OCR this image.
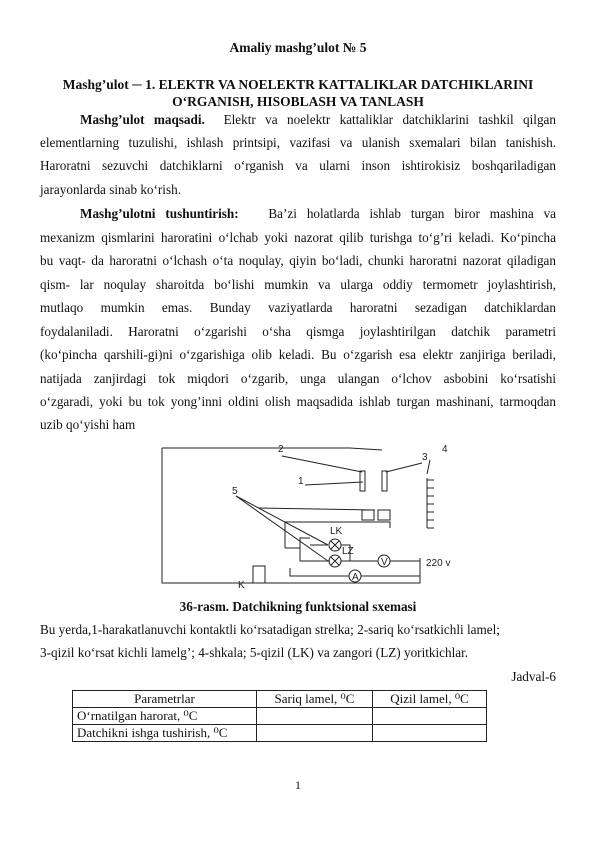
Amaliy mashg’ulot № 5
Mashg’ulot ─ 1. ELEKTR VA NOELEKTR KATTALIKLAR DATCHIKLARINI
O‘RGANISH, HISOBLASH VA TANLASH
Mashg’ulot maqsadi. Elektr va noelektr kattaliklar datchiklarini tashkil qilgan
elementlarning tuzulishi, ishlash printsipi, vazifasi va ulanish sxemalari bilan tanishish.
Haroratni sezuvchi datchiklarni o‘rganish va ularni inson ishtirokisiz boshqariladigan
jarayonlarda sinab ko‘rish.
Mashg’ulotni tushuntirish: Ba’zi holatlarda ishlab turgan biror mashina va
mexanizm qismlarini haroratini o‘lchab yoki nazorat qilib turishga to‘g’ri keladi. Ko‘pincha
bu vaqt- da haroratni o‘lchash o‘ta noqulay, qiyin bo‘ladi, chunki haroratni nazorat qiladigan
qism- lar noqulay sharoitda bo‘lishi mumkin va ularga oddiy termometr joylashtirish,
mutlaqo mumkin emas. Bunday vaziyatlarda haroratni sezadigan datchiklardan
foydalaniladi. Haroratni o‘zgarishi o‘sha qismga joylashtirilgan datchik parametri
(ko‘pincha qarshili-gi)ni o‘zgarishiga olib keladi. Bu o‘zgarish esa elektr zanjiriga beriladi,
natijada zanjirdagi tok miqdori o‘zgarib, unga ulangan o‘lchov asbobini ko‘rsatishi
o‘zgaradi, yoki bu tok yong’inni oldini olish maqsadida ishlab turgan mashinani, tarmoqdan
uzib qo‘yishi ham
2	4
3
1
5
LK
LZ
V
A
K
220 v
36-rasm. Datchikning funktsional sxemasi
Bu yerda,1-harakatlanuvchi kontaktli ko‘rsatadigan strelka; 2-sariq ko‘rsatkichli lamel;
3-qizil ko‘rsat kichli lamelg’; 4-shkala; 5-qizil (LK) va zangori (LZ) yoritkichlar.
Jadval-6
Parametrlar	Sariq lamel, ⁰C	Qizil lamel, ⁰C
O‘rnatilgan harorat, ⁰C		
Datchikni ishga tushirish, ⁰C		
1
